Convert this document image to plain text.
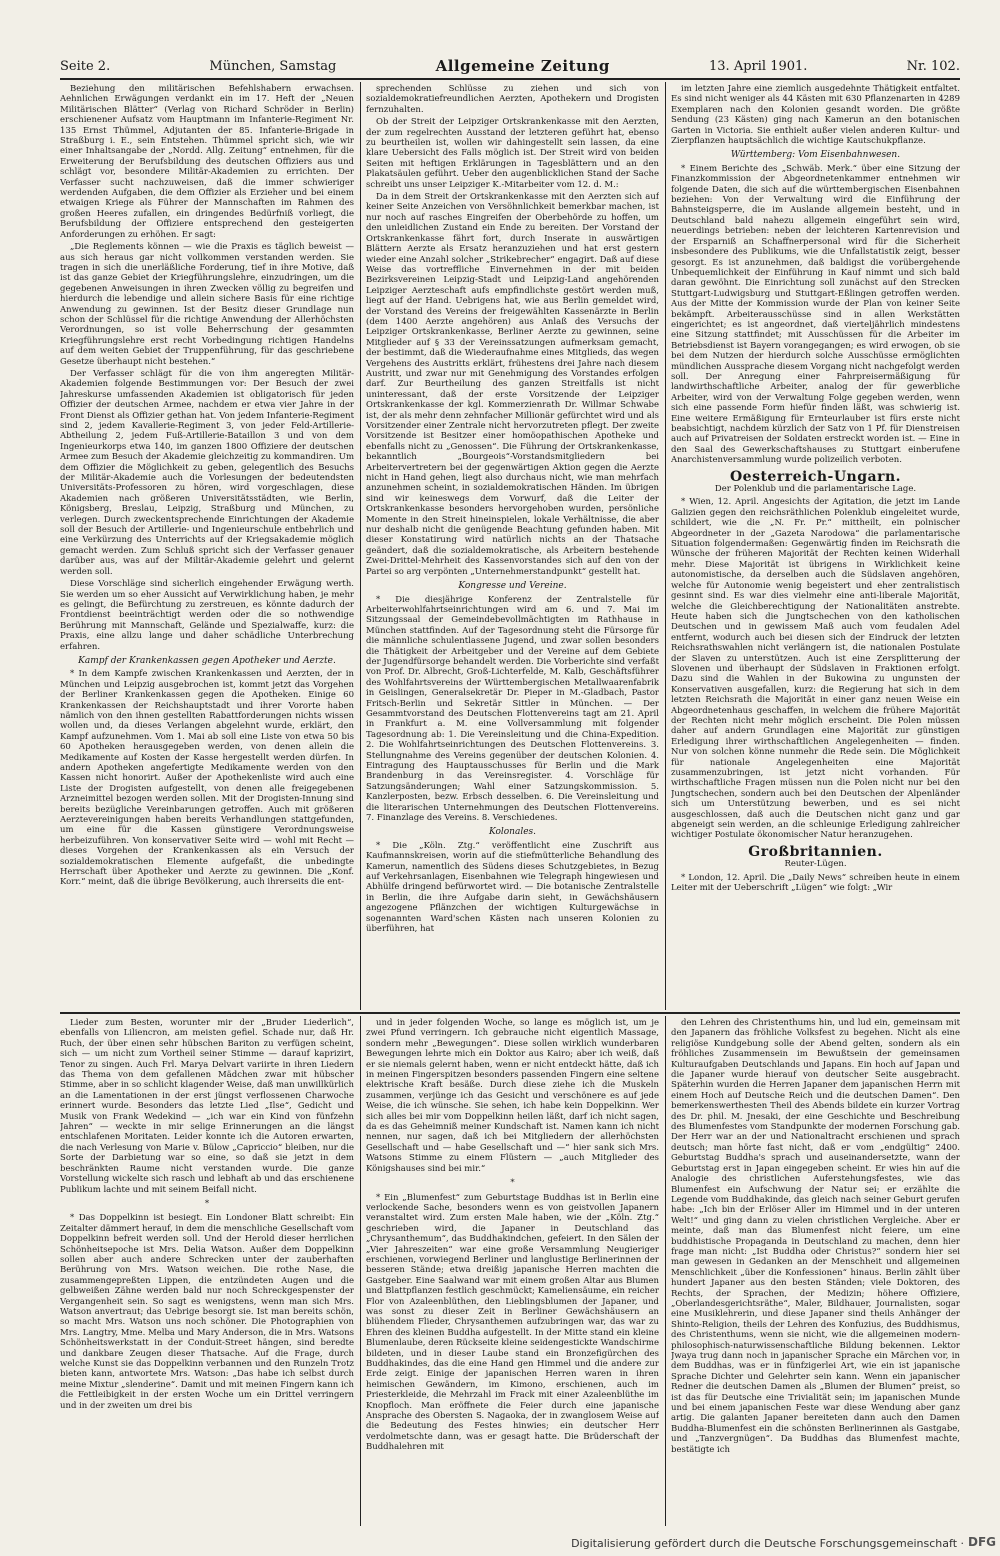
Seite 2.	München, Samstag	Allgemeine Zeitung	13. April 1901.	Nr. 102.

Beziehung den militärischen Befehlshabern erwachsen. Aehnlichen Erwägungen verdankt ein im 17. Heft der „Neuen Militärischen Blätter“ (Verlag von Richard Schröder in Berlin) erschienener Aufsatz vom Hauptmann im Infanterie-Regiment Nr. 135 Ernst Thümmel, Adjutanten der 85. Infanterie-Brigade in Straßburg i. E., sein Entstehen. Thümmel spricht sich, wie wir einer Inhaltsangabe der „Nordd. Allg. Zeitung“ entnehmen, für die Erweiterung der Berufsbildung des deutschen Offiziers aus und schlägt vor, besondere Militär-Akademien zu errichten. Der Verfasser sucht nachzuweisen, daß die immer schwieriger werdenden Aufgaben, die dem Offizier als Erzieher und bei einem etwaigen Kriege als Führer der Mannschaften im Rahmen des großen Heeres zufallen, ein dringendes Bedürfniß vorliegt, die Berufsbildung der Offiziere entsprechend den gesteigerten Anforderungen zu erhöhen. Er sagt:

„Die Reglements können — wie die Praxis es täglich beweist — aus sich heraus gar nicht vollkommen verstanden werden. Sie tragen in sich die unerläßliche Forderung, tief in ihre Motive, daß ist das ganze Gebiet der Kriegführungslehre, einzudringen, um die gegebenen Anweisungen in ihren Zwecken völlig zu begreifen und hierdurch die lebendige und allein sichere Basis für eine richtige Anwendung zu gewinnen. Ist der Besitz dieser Grundlage nun schon der Schlüssel für die richtige Anwendung der Allerhöchsten Verordnungen, so ist volle Beherrschung der gesammten Kriegführungslehre erst recht Vorbedingung richtigen Handelns auf dem weiten Gebiet der Truppenführung, für das geschriebene Gesetze überhaupt nicht bestehen.“

Der Verfasser schlägt für die von ihm angeregten Militär-Akademien folgende Bestimmungen vor: Der Besuch der zwei Jahreskurse umfassenden Akademien ist obligatorisch für jeden Offizier der deutschen Armee, nachdem er etwa vier Jahre in der Front Dienst als Offizier gethan hat. Von jedem Infanterie-Regiment sind 2, jedem Kavallerie-Regiment 3, von jeder Feld-Artillerie-Abtheilung 2, jedem Fuß-Artillerie-Bataillon 3 und von dem Ingenieurkorps etwa 140, im ganzen 1800 Offiziere der deutschen Armee zum Besuch der Akademie gleichzeitig zu kommandiren. Um dem Offizier die Möglichkeit zu geben, gelegentlich des Besuchs der Militär-Akademie auch die Vorlesungen der bedeutendsten Universitäts-Professoren zu hören, wird vorgeschlagen, diese Akademien nach größeren Universitätsstädten, wie Berlin, Königsberg, Breslau, Leipzig, Straßburg und München, zu verlegen. Durch zweckentsprechende Einrichtungen der Akademie soll der Besuch der Artillerie- und Ingenieurschule entbehrlich und eine Verkürzung des Unterrichts auf der Kriegsakademie möglich gemacht werden. Zum Schluß spricht sich der Verfasser genauer darüber aus, was auf der Militär-Akademie gelehrt und gelernt werden soll.

Diese Vorschläge sind sicherlich eingehender Erwägung werth. Sie werden um so eher Aussicht auf Verwirklichung haben, je mehr es gelingt, die Befürchtung zu zerstreuen, es könnte dadurch der Frontdienst beeinträchtigt werden oder die so nothwendige Berührung mit Mannschaft, Gelände und Spezialwaffe, kurz: die Praxis, eine allzu lange und daher schädliche Unterbrechung erfahren.

Kampf der Krankenkassen gegen Apotheker und Aerzte.

* In dem Kampfe zwischen Krankenkassen und Aerzten, der in München und Leipzig ausgebrochen ist, kommt jetzt das Vorgehen der Berliner Krankenkassen gegen die Apotheken. Einige 60 Krankenkassen der Reichshauptstadt und ihrer Vororte haben nämlich von den ihnen gestellten Rabattforderungen nichts wissen wollen und, da dieses Verlangen abgelehnt wurde, erklärt, den Kampf aufzunehmen. Vom 1. Mai ab soll eine Liste von etwa 50 bis 60 Apotheken herausgegeben werden, von denen allein die Medikamente auf Kosten der Kasse hergestellt werden dürfen. In andern Apotheken angefertigte Medikamente werden von den Kassen nicht honorirt. Außer der Apothekenliste wird auch eine Liste der Drogisten aufgestellt, von denen alle freigegebenen Arzneimittel bezogen werden sollen. Mit der Drogisten-Innung sind bereits bezügliche Vereinbarungen getroffen. Auch mit größeren Aerztevereinigungen haben bereits Verhandlungen stattgefunden, um eine für die Kassen günstigere Verordnungsweise herbeizuführen. Von konservativer Seite wird — wohl mit Recht — dieses Vorgehen der Krankenkassen als ein Versuch der sozialdemokratischen Elemente aufgefaßt, die unbedingte Herrschaft über Apotheker und Aerzte zu gewinnen. Die „Konf. Korr.“ meint, daß die übrige Bevölkerung, auch ihrerseits die ent-

sprechenden Schlüsse zu ziehen und sich von sozialdemokratiefreundlichen Aerzten, Apothekern und Drogisten fernzuhalten.

Ob der Streit der Leipziger Ortskrankenkasse mit den Aerzten, der zum regelrechten Ausstand der letzteren geführt hat, ebenso zu beurtheilen ist, wollen wir dahingestellt sein lassen, da eine klare Uebersicht des Falls möglich ist. Der Streit wird von beiden Seiten mit heftigen Erklärungen in Tagesblättern und an den Plakatsäulen geführt. Ueber den augenblicklichen Stand der Sache schreibt uns unser Leipziger K.-Mitarbeiter vom 12. d. M.:

Da in dem Streit der Ortskrankenkasse mit den Aerzten sich auf keiner Seite Anzeichen von Versöhnlichkeit bemerkbar machen, ist nur noch auf rasches Eingreifen der Oberbehörde zu hoffen, um den unleidlichen Zustand ein Ende zu bereiten. Der Vorstand der Ortskrankenkasse fährt fort, durch Inserate in auswärtigen Blättern Aerzte als Ersatz heranzuziehen und hat erst gestern wieder eine Anzahl solcher „Strikebrecher“ engagirt. Daß auf diese Weise das vortreffliche Einvernehmen in der mit beiden Bezirksvereinen Leipzig-Stadt und Leipzig-Land angehörenden Leipziger Aerzteschaft aufs empfindlichste gestört werden muß, liegt auf der Hand. Uebrigens hat, wie aus Berlin gemeldet wird, der Vorstand des Vereins der freigewählten Kassenärzte in Berlin (dem 1400 Aerzte angehören) aus Anlaß des Versuchs der Leipziger Ortskrankenkasse, Berliner Aerzte zu gewinnen, seine Mitglieder auf § 33 der Vereinssatzungen aufmerksam gemacht, der bestimmt, daß die Wiederaufnahme eines Mitglieds, das wegen Vergehens des Austritts erklärt, frühestens drei Jahre nach diesem Austritt, und zwar nur mit Genehmigung des Vorstandes erfolgen darf. Zur Beurtheilung des ganzen Streitfalls ist nicht uninteressant, daß der erste Vorsitzende der Leipziger Ortskrankenkasse der kgl. Kommerzienrath Dr. Willmar Schwabe ist, der als mehr denn zehnfacher Millionär gefürchtet wird und als Vorsitzender einer Zentrale nicht hervorzutreten pflegt. Der zweite Vorsitzende ist Besitzer einer homöopathischen Apotheke und ebenfalls nicht zu „Genossen“. Die Führung der Ortskrankenkasse, bekanntlich „Bourgeois“-Vorstandsmitgliedern bei Arbeitervertretern bei der gegenwärtigen Aktion gegen die Aerzte nicht in Hand gehen, liegt also durchaus nicht, wie man mehrfach anzunehmen scheint, in sozialdemokratischen Händen. Im übrigen sind wir keineswegs dem Vorwurf, daß die Leiter der Ortskrankenkasse besonders hervorgehoben wurden, persönliche Momente in den Streit hineinspielen, lokale Verhältnisse, die aber nur deshalb nicht die genügende Beachtung gefunden haben. Mit dieser Konstatirung wird natürlich nichts an der Thatsache geändert, daß die sozialdemokratische, als Arbeitern bestehende Zwei-Drittel-Mehrheit des Kassenvorstandes sich auf den von der Partei so arg verpönten „Unternehmerstandpunkt“ gestellt hat.

Kongresse und Vereine.

* Die diesjährige Konferenz der Zentralstelle für Arbeiterwohlfahrtseinrichtungen wird am 6. und 7. Mai im Sitzungssaal der Gemeindebevollmächtigten im Rathhause in München stattfinden. Auf der Tagesordnung steht die Fürsorge für die männliche schulentlassene Jugend, und zwar sollen besonders die Thätigkeit der Arbeitgeber und der Vereine auf dem Gebiete der Jugendfürsorge behandelt werden. Die Vorberichte sind verfaßt von Prof. Dr. Albrecht, Groß-Lichterfelde, M. Kalb, Geschäftsführer des Wohlfahrtsvereins der Württembergischen Metallwaarenfabrik in Geislingen, Generalsekretär Dr. Pieper in M.-Gladbach, Pastor Fritsch-Berlin und Sekretär Sittler in München. — Der Gesammtvorstand des Deutschen Flottenvereins tagt am 21. April in Frankfurt a. M. eine Vollversammlung mit folgender Tagesordnung ab: 1. Die Vereinsleitung und die China-Expedition. 2. Die Wohlfahrtseinrichtungen des Deutschen Flottenvereins. 3. Stellungnahme des Vereins gegenüber der deutschen Kolonien. 4. Eintragung des Hauptausschusses für Berlin und die Mark Brandenburg in das Vereinsregister. 4. Vorschläge für Satzungsänderungen; Wahl einer Satzungskommission. 5. Kanzlerposten, bezw. Erbsch desselben. 6. Die Vereinsleitung und die literarischen Unternehmungen des Deutschen Flottenvereins. 7. Finanzlage des Vereins. 8. Verschiedenes.

Kolonales.

* Die „Köln. Ztg.“ veröffentlicht eine Zuschrift aus Kaufmannskreisen, worin auf die stiefmütterliche Behandlung des Kamerun, namentlich des Südens dieses Schutzgebietes, in Bezug auf Verkehrsanlagen, Eisenbahnen wie Telegraph hingewiesen und Abhülfe dringend befürwortet wird. — Die botanische Zentralstelle in Berlin, die ihre Aufgabe darin sieht, in Gewächshäusern angezogene Pflänzchen der wichtigen Kulturgewächse in sogenannten Ward'schen Kästen nach unseren Kolonien zu überführen, hat

im letzten Jahre eine ziemlich ausgedehnte Thätigkeit entfaltet. Es sind nicht weniger als 44 Kästen mit 630 Pflanzenarten in 4289 Exemplaren nach den Kolonien gesandt worden. Die größte Sendung (23 Kästen) ging nach Kamerun an den botanischen Garten in Victoria. Sie enthielt außer vielen anderen Kultur- und Zierpflanzen hauptsächlich die wichtige Kautschukpflanze.

Württemberg: Vom Eisenbahnwesen.

* Einem Berichte des „Schwäb. Merk.“ über eine Sitzung der Finanzkommission der Abgeordnetenkammer entnehmen wir folgende Daten, die sich auf die württembergischen Eisenbahnen beziehen: Von der Verwaltung wird die Einführung der Bahnsteigsperre, die im Auslande allgemein besteht, und in Deutschland bald nahezu allgemein eingeführt sein wird, neuerdings betrieben: neben der leichteren Kartenrevision und der Ersparniß an Schaffnerpersonal wird für die Sicherheit insbesondere des Publikums, wie die Unfallstatistik zeigt, besser gesorgt. Es ist anzunehmen, daß baldigst die vorübergehende Unbequemlichkeit der Einführung in Kauf nimmt und sich bald daran gewöhnt. Die Einrichtung soll zunächst auf den Strecken Stuttgart-Ludwigsburg und Stuttgart-Eßlingen getroffen werden. Aus der Mitte der Kommission wurde der Plan von keiner Seite bekämpft. Arbeiterausschüsse sind in allen Werkstätten eingerichtet; es ist angeordnet, daß vierteljährlich mindestens eine Sitzung stattfindet; mit Ausschüssen für die Arbeiter im Betriebsdienst ist Bayern vorangegangen; es wird erwogen, ob sie bei dem Nutzen der hierdurch solche Ausschüsse ermöglichten mündlichen Aussprache diesem Vorgang nicht nachgefolgt werden soll. Der Anregung einer Fahrpreisermäßigung für landwirthschaftliche Arbeiter, analog der für gewerbliche Arbeiter, wird von der Verwaltung Folge gegeben werden, wenn sich eine passende Form hiefür finden läßt, was schwierig ist. Eine weitere Ermäßigung für Ernteurlauber ist fürs erste nicht beabsichtigt, nachdem kürzlich der Satz von 1 Pf. für Dienstreisen auch auf Privatreisen der Soldaten erstreckt worden ist. — Eine in den Saal des Gewerkschaftshauses zu Stuttgart einberufene Anarchistenversammlung wurde polizeilich verboten.

Oesterreich-Ungarn.
Der Polenklub und die parlamentarische Lage.

* Wien, 12. April. Angesichts der Agitation, die jetzt im Lande Galizien gegen den reichsräthlichen Polenklub eingeleitet wurde, schildert, wie die „N. Fr. Pr.“ mittheilt, ein polnischer Abgeordneter in der „Gazeta Narodowa“ die parlamentarische Situation folgendermaßen: Gegenwärtig finden im Reichsrath die Wünsche der früheren Majorität der Rechten keinen Widerhall mehr. Diese Majorität ist übrigens in Wirklichkeit keine autonomistische, da derselben auch die Südslaven angehören, welche für Autonomie wenig begeistert und eher zentralistisch gesinnt sind. Es war dies vielmehr eine anti-liberale Majorität, welche die Gleichberechtigung der Nationalitäten anstrebte. Heute haben sich die Jungtschechen von den katholischen Deutschen und in gewissem Maß auch vom feudalen Adel entfernt, wodurch auch bei diesen sich der Eindruck der letzten Reichsrathswahlen nicht verlängern ist, die nationalen Postulate der Slaven zu unterstützen. Auch ist eine Zersplitterung der Slovenen und überhaupt der Südslaven in Fraktionen erfolgt. Dazu sind die Wahlen in der Bukowina zu ungunsten der Konservativen ausgefallen, kurz: die Regierung hat sich in dem letzten Reichsrath die Majorität in einer ganz neuen Weise ein Abgeordnetenhaus geschaffen, in welchem die frühere Majorität der Rechten nicht mehr möglich erscheint. Die Polen müssen daher auf andern Grundlagen eine Majorität zur günstigen Erledigung ihrer wirthschaftlichen Angelegenheiten — finden. Nur von solchen könne nunmehr die Rede sein. Die Möglichkeit für nationale Angelegenheiten eine Majorität zusammenzubringen, ist jetzt nicht vorhanden. Für wirthschaftliche Fragen müssen nun die Polen nicht nur bei den Jungtschechen, sondern auch bei den Deutschen der Alpenländer sich um Unterstützung bewerben, und es sei nicht ausgeschlossen, daß auch die Deutschen nicht ganz und gar abgeneigt sein werden, an die schleunige Erledigung zahlreicher wichtiger Postulate ökonomischer Natur heranzugehen.

Großbritannien.
Reuter-Lügen.

* London, 12. April. Die „Daily News“ schreiben heute in einem Leiter mit der Ueberschrift „Lügen“ wie folgt: „Wir

Lieder zum Besten, worunter mir der „Bruder Liederlich“, ebenfalls von Liliencron, am meisten gefiel. Schade nur, daß Hr. Ruch, der über einen sehr hübschen Bariton zu verfügen scheint, sich — um nicht zum Vortheil seiner Stimme — darauf kaprizirt, Tenor zu singen. Auch Frl. Marya Delvart variirte in ihren Liedern das Thema von dem gefallenen Mädchen zwar mit hübscher Stimme, aber in so schlicht klagender Weise, daß man unwillkürlich an die Lamentationen in der erst jüngst verflossenen Charwoche erinnert wurde. Besonders das letzte Lied „Ilse“, Gedicht und Musik von Frank Wedekind — „ich war ein Kind von fünfzehn Jahren“ — weckte in mir selige Erinnerungen an die längst entschlafenen Moritaten. Leider konnte ich die Autoren erwarten, die nach Verlesung von Marie v. Bülow „Capriccio“ bleiben, nur die Sorte der Darbietung war so eine, so daß sie jetzt in dem beschränkten Raume nicht verstanden wurde. Die ganze Vorstellung wickelte sich rasch und lebhaft ab und das erschienene Publikum lachte und mit seinem Beifall nicht.

*

* Das Doppelkinn ist besiegt. Ein Londoner Blatt schreibt: Ein Zeitalter dämmert herauf, in dem die menschliche Gesellschaft vom Doppelkinn befreit werden soll. Und der Herold dieser herrlichen Schönheitsepoche ist Mrs. Delia Watson. Außer dem Doppelkinn sollen aber auch andere Schrecken unter der zauberhaften Berührung von Mrs. Watson weichen. Die rothe Nase, die zusammengepreßten Lippen, die entzündeten Augen und die gelbweißen Zähne werden bald nur noch Schreckgespenster der Vergangenheit sein. So sagt es wenigstens, wenn man sich Mrs. Watson anvertraut; das Uebrige besorgt sie. Ist man bereits schön, so macht Mrs. Watson uns noch schöner. Die Photographien von Mrs. Langtry, Mme. Melba und Mary Anderson, die in Mrs. Watsons Schönheitswerkstatt in der Conduit-Street hängen, sind beredte und dankbare Zeugen dieser Thatsache. Auf die Frage, durch welche Kunst sie das Doppelkinn verbannen und den Runzeln Trotz bieten kann, antwortete Mrs. Watson: „Das habe ich selbst durch meine Mixtur „slenderine“. Damit und mit meinen Fingern kann ich die Fettleibigkeit in der ersten Woche um ein Drittel verringern und in der zweiten um drei bis

und in jeder folgenden Woche, so lange es möglich ist, um je zwei Pfund verringern. Ich gebrauche nicht eigentlich Massage, sondern mehr „Bewegungen“. Diese sollen wirklich wunderbaren Bewegungen lehrte mich ein Doktor aus Kairo; aber ich weiß, daß er sie niemals gelernt haben, wenn er nicht entdeckt hätte, daß ich in meinen Fingerspitzen besonders passenden Fingern eine seltene elektrische Kraft besäße. Durch diese ziehe ich die Muskeln zusammen, verjünge ich das Gesicht und verschönere es auf jede Weise, die ich wünsche. Sie sehen, ich habe kein Doppelkinn. Wer sich alles bei mir vom Doppelkinn heilen läßt, darf ich nicht sagen, da es das Geheimniß meiner Kundschaft ist. Namen kann ich nicht nennen, nur sagen, daß ich bei Mitgliedern der allerhöchsten Gesellschaft und — habe Gesellschaft und —“ hier sank sich Mrs. Watsons Stimme zu einem Flüstern — „auch Mitglieder des Königshauses sind bei mir.“

*

* Ein „Blumenfest“ zum Geburtstage Buddhas ist in Berlin eine verlockende Sache, besonders wenn es von geistvollen Japanern veranstaltet wird. Zum ersten Male haben, wie der „Köln. Ztg.“ geschrieben wird, die Japaner in Deutschland das „Chrysanthemum“, das Buddhakindchen, gefeiert. In den Sälen der „Vier Jahreszeiten“ war eine große Versammlung Neugieriger erschienen, vorwiegend Berliner und langlustige Berlinerinnen der besseren Stände; etwa dreißig japanische Herren machten die Gastgeber. Eine Saalwand war mit einem großen Altar aus Blumen und Blattpflanzen festlich geschmückt; Kameliensäume, ein reicher Flor von Azaleenblüthen, den Lieblingsblumen der Japaner, und was sonst zu dieser Zeit in Berliner Gewächshäusern an blühendem Flieder, Chrysanthemen aufzubringen war, das war zu Ehren des kleinen Buddha aufgestellt. In der Mitte stand ein kleine Blumenlaube, deren Rückseite kleine seidengestickte Wandschirme bildeten, und in dieser Laube stand ein Bronzefigürchen des Buddhakindes, das die eine Hand gen Himmel und die andere zur Erde zeigt. Einige der japanischen Herren waren in ihren heimischen Gewändern, im Kimono, erschienen, auch im Priesterkleide, die Mehrzahl im Frack mit einer Azaleenblüthe im Knopfloch. Man eröffnete die Feier durch eine japanische Ansprache des Obersten S. Nagaoka, der in zwanglosem Weise auf die Bedeutung des Festes hinwies; ein deutscher Herr verdolmetschte dann, was er gesagt hatte. Die Brüderschaft der Buddhalehren mit

den Lehren des Christenthums hin, und lud ein, gemeinsam mit den Japanern das fröhliche Volksfest zu begehen. Nicht als eine religiöse Kundgebung solle der Abend gelten, sondern als ein fröhliches Zusammensein im Bewußtsein der gemeinsamen Kulturaufgaben Deutschlands und Japans. Ein hoch auf Japan und die Japaner wurde hierauf von deutscher Seite ausgebracht. Späterhin wurden die Herren Japaner dem japanischen Herrn mit einem Hoch auf Deutsche Reich und die deutschen Damen“. Den bemerkenswerthesten Theil des Abends bildete ein kurzer Vortrag des Dr. phil. M. Jnesaki, der eine Geschichte und Beschreibung des Blumenfestes vom Standpunkte der modernen Forschung gab. Der Herr war an der und Nationaltracht erschienen und sprach deutsch; man hörte fast nicht, daß er vom „endgültig“ 2400. Geburtstag Buddha's sprach und auseinandersetzte, wann der Geburtstag erst in Japan eingegeben scheint. Er wies hin auf die Analogie des christlichen Auferstehungsfestes, wie das Blumenfest ein Aufschwung der Natur sei; er erzählte die Legende vom Buddhakinde, das gleich nach seiner Geburt gerufen habe: „Ich bin der Erlöser Aller im Himmel und in der unteren Welt!“ und ging dann zu vielen christlichen Vergleiche. Aber er meinte, daß man das Blumenfest nicht feiere, um eine buddhistische Propaganda in Deutschland zu machen, denn hier frage man nicht: „Ist Buddha oder Christus?“ sondern hier sei man gewesen in Gedanken an der Menschheit und allgemeinen Menschlichkeit „über die Konfessionen“ hinaus. Berlin zählt über hundert Japaner aus den besten Ständen; viele Doktoren, des Rechts, der Sprachen, der Medizin; höhere Offiziere, „Oberlandesgerichtsräthe“, Maler, Bildhauer, Journalisten, sogar eine Musiklehrerin, und diese Japaner sind theils Anhänger der Shinto-Religion, theils der Lehren des Konfuzius, des Buddhismus, des Christenthums, wenn sie nicht, wie die allgemeinen modern-philosophisch-naturwissenschaftliche Bildung bekennen. Lektor Jwaya trug dann noch in japanischer Sprache ein Märchen vor, in dem Buddhas, was er in fünfzigerlei Art, wie ein ist japanische Sprache Dichter und Gelehrter sein kann. Wenn ein japanischer Redner die deutschen Damen als „Blumen der Blumen“ preist, so ist das für Deutsche eine Trivialität sein; im japanischen Munde und bei einem japanischen Feste war diese Wendung aber ganz artig. Die galanten Japaner bereiteten dann auch den Damen Buddha-Blumenfest ein die schönsten Berlinerinnen als Gastgabe, und „Tanzvergnügen“. Da Buddhas das Blumenfest machte, bestätigte ich

Digitalisierung gefördert durch die Deutsche Forschungsgemeinschaft · DFG
